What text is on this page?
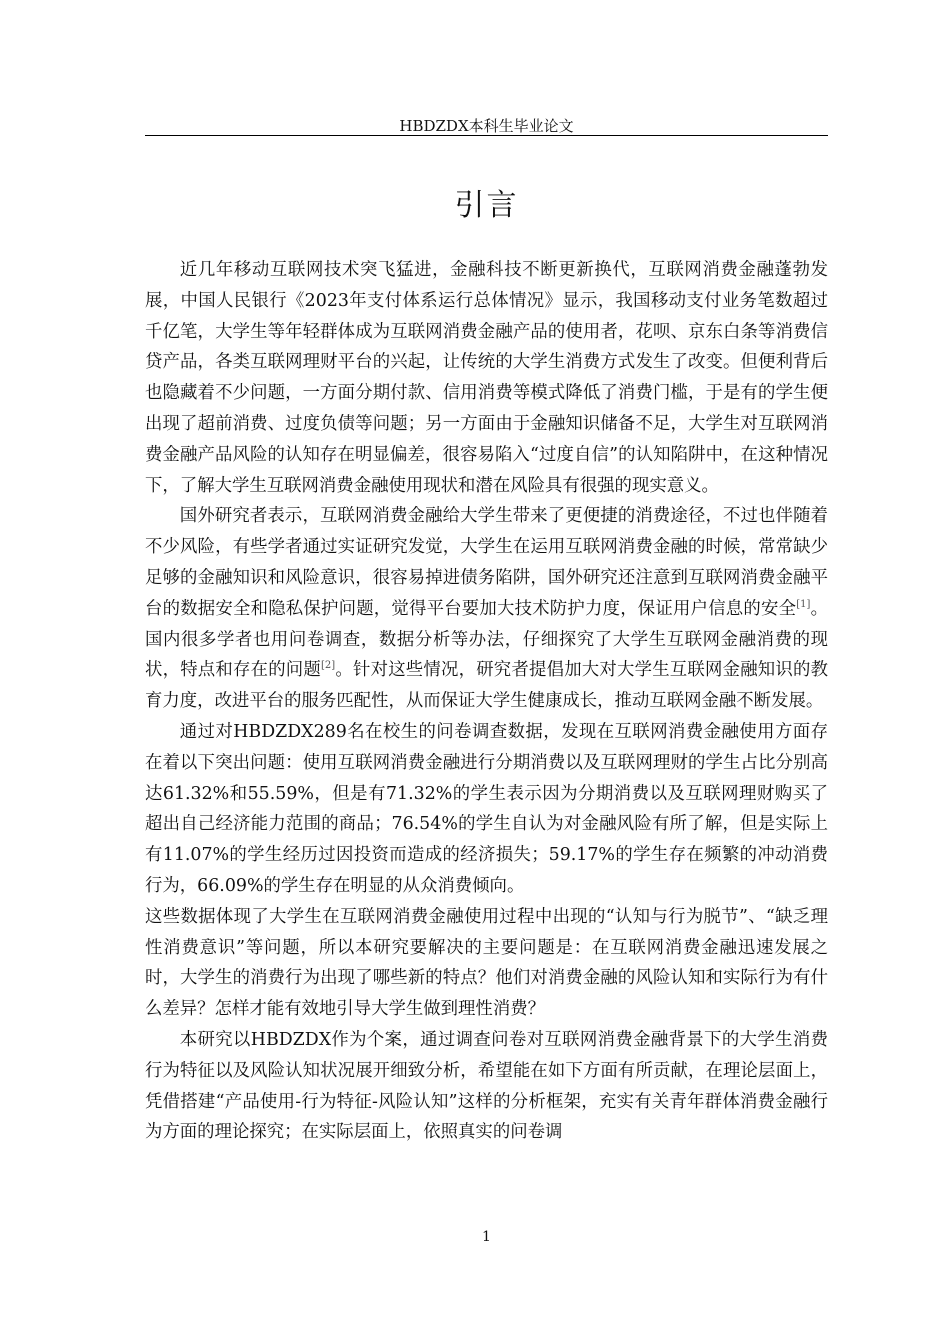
HBDZDX本科生毕业论文
引言

近几年移动互联网技术突飞猛进，金融科技不断更新换代，互联网消费金融蓬勃发展，中国人民银行《2023年支付体系运行总体情况》显示，我国移动支付业务笔数超过千亿笔，大学生等年轻群体成为互联网消费金融产品的使用者，花呗、京东白条等消费信贷产品，各类互联网理财平台的兴起，让传统的大学生消费方式发生了改变。但便利背后也隐藏着不少问题，一方面分期付款、信用消费等模式降低了消费门槛，于是有的学生便出现了超前消费、过度负债等问题；另一方面由于金融知识储备不足，大学生对互联网消费金融产品风险的认知存在明显偏差，很容易陷入“过度自信”的认知陷阱中，在这种情况下，了解大学生互联网消费金融使用现状和潜在风险具有很强的现实意义。

国外研究者表示，互联网消费金融给大学生带来了更便捷的消费途径，不过也伴随着不少风险，有些学者通过实证研究发觉，大学生在运用互联网消费金融的时候，常常缺少足够的金融知识和风险意识，很容易掉进债务陷阱，国外研究还注意到互联网消费金融平台的数据安全和隐私保护问题，觉得平台要加大技术防护力度，保证用户信息的安全[1]。国内很多学者也用问卷调查，数据分析等办法，仔细探究了大学生互联网金融消费的现状，特点和存在的问题[2]。针对这些情况，研究者提倡加大对大学生互联网金融知识的教育力度，改进平台的服务匹配性，从而保证大学生健康成长，推动互联网金融不断发展。

通过对HBDZDX289名在校生的问卷调查数据，发现在互联网消费金融使用方面存在着以下突出问题：使用互联网消费金融进行分期消费以及互联网理财的学生占比分别高达61.32%和55.59%，但是有71.32%的学生表示因为分期消费以及互联网理财购买了超出自己经济能力范围的商品；76.54%的学生自认为对金融风险有所了解，但是实际上有11.07%的学生经历过因投资而造成的经济损失；59.17%的学生存在频繁的冲动消费行为，66.09%的学生存在明显的从众消费倾向。

这些数据体现了大学生在互联网消费金融使用过程中出现的“认知与行为脱节”、“缺乏理性消费意识”等问题，所以本研究要解决的主要问题是：在互联网消费金融迅速发展之时，大学生的消费行为出现了哪些新的特点？他们对消费金融的风险认知和实际行为有什么差异？怎样才能有效地引导大学生做到理性消费？

本研究以HBDZDX作为个案，通过调查问卷对互联网消费金融背景下的大学生消费行为特征以及风险认知状况展开细致分析，希望能在如下方面有所贡献，在理论层面上，凭借搭建“产品使用-行为特征-风险认知”这样的分析框架，充实有关青年群体消费金融行为方面的理论探究；在实际层面上，依照真实的问卷调

1
